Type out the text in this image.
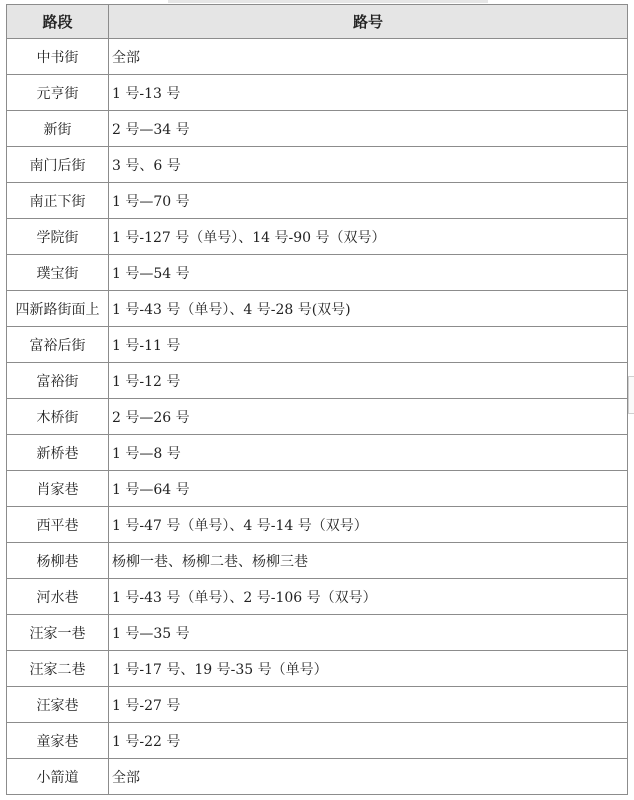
路段	路号
中书街	全部
元亨街	1 号-13 号
新街	2 号—34 号
南门后街	3 号、6 号
南正下街	1 号—70 号
学院街	1 号-127 号（单号）、14 号-90 号（双号）
璞宝街	1 号—54 号
四新路街面上	1 号-43 号（单号）、4 号-28 号(双号)
富裕后街	1 号-11 号
富裕街	1 号-12 号
木桥街	2 号—26 号
新桥巷	1 号—8 号
肖家巷	1 号—64 号
西平巷	1 号-47 号（单号）、4 号-14 号（双号）
杨柳巷	杨柳一巷、杨柳二巷、杨柳三巷
河水巷	1 号-43 号（单号）、2 号-106 号（双号）
汪家一巷	1 号—35 号
汪家二巷	1 号-17 号、19 号-35 号（单号）
汪家巷	1 号-27 号
童家巷	1 号-22 号
小箭道	全部
